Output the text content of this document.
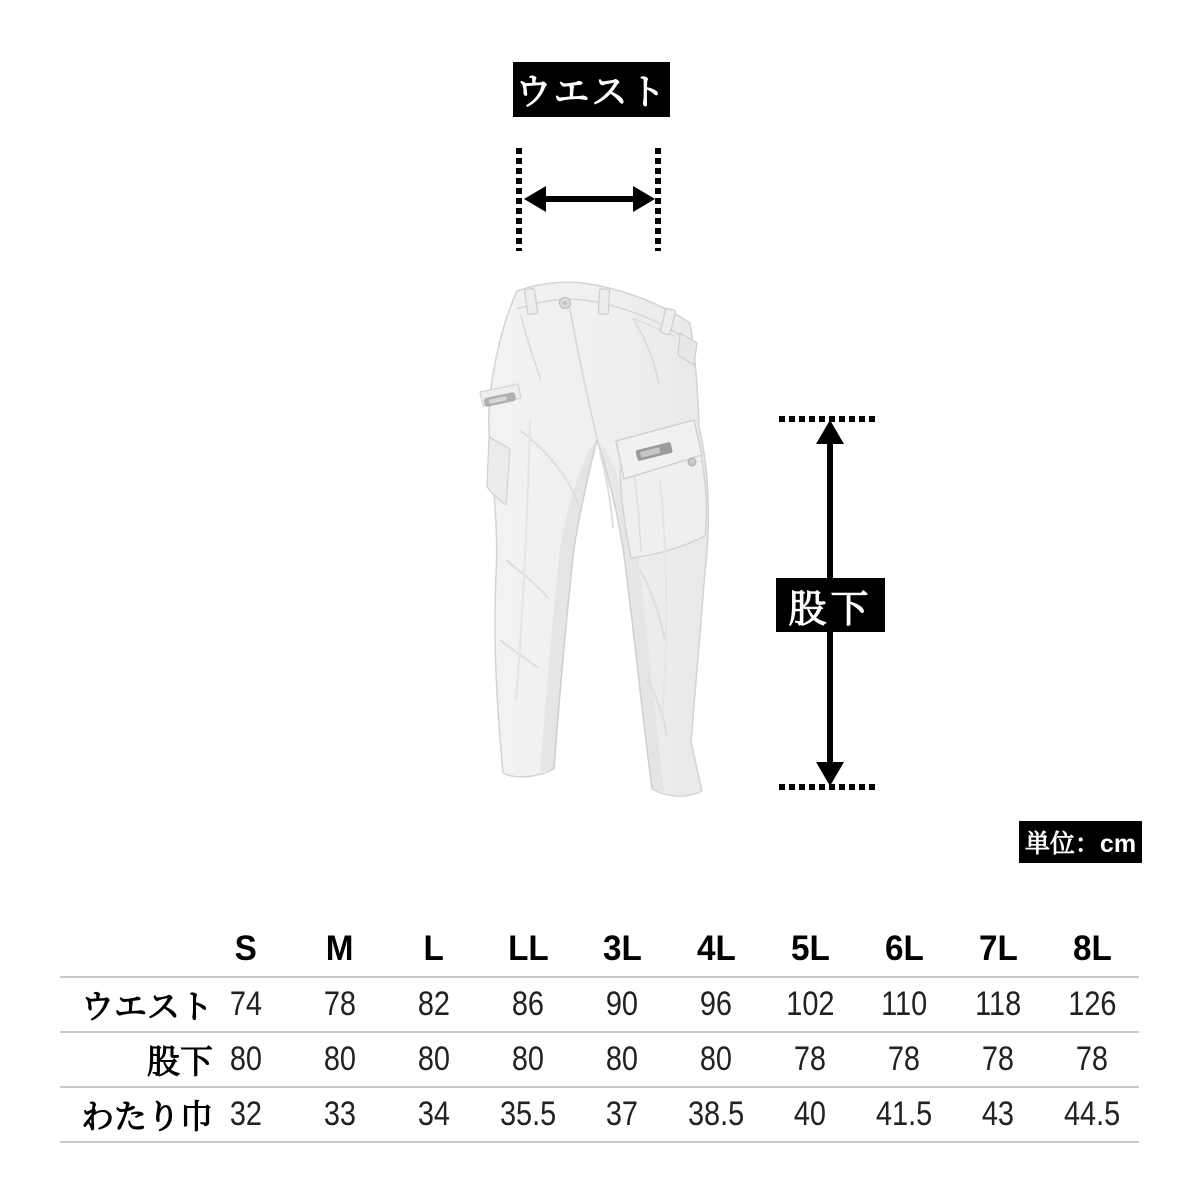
ウエスト
股下
単位：cm
S	M	L	LL	3L	4L	5L	6L	7L	8L
ウエスト 74	78	82	86	90	96	102	110	118	126
股下 80	80	80	80	80	80	78	78	78	78
わたり巾 32	33	34	35.5	37	38.5	40	41.5	43	44.5
